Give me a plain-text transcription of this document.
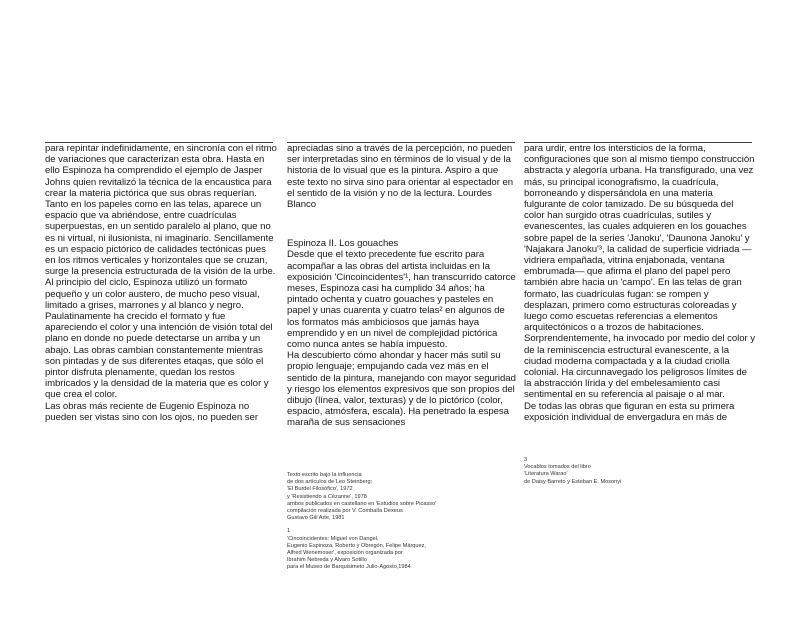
para repintar indefinidamente, en sincronía con el ritmo de variaciones que caracterizan esta obra. Hasta en ello Espinoza ha comprendido el ejemplo de Jasper Johns quien revitalizó la técnica de la encaustica para crear la materia pictórica que sus obras requerían. Tanto en los papeles como en las telas, aparece un espacio que va abriéndose, entre cuadrículas superpuestas, en un sentido paralelo al plano, que no es ni virtual, ni ilusionista, ni imaginario. Sencillamente es un espacio pictórico de calidades tectónicas pues en los ritmos verticales y horizontales que se cruzan, surge la presencia estructurada de la visión de la urbe. Al principio del ciclo, Espinoza utilizó un formato pequeño y un color austero, de mucho peso visual, limitado a grises, marrones y al blanco y negro. Paulatinamente ha crecido el formato y fue apareciendo el color y una intención de visión total del plano en donde no puede detectarse un arriba y un abajo. Las obras cambian constantemente mientras son pintadas y de sus diferentes etaqas, que sólo el pintor disfruta plenamente, quedan los restos imbricados y la densidad de la materia que es color y que crea el color.

Las obras más reciente de Eugenio Espinoza no pueden ser vistas sino con los ojos, no pueden ser

apreciadas sino a través de la percepción, no pueden ser interpretadas sino en términos de lo visual y de la historia de lo visual que es la pintura. Aspiro a que este texto no sirva sino para orientar al espectador en el sentido de la visión y no de la lectura. Lourdes Blanco

Espinoza II. Los gouaches

Desde que el texto precedente fue escrito para acompañar a las obras del artista incluidas en la exposición 'Cincoincidentes'¹, han transcurrido catorce meses, Espinoza casi ha cumplido 34 años; ha pintado ochenta y cuatro gouaches y pasteles en papel y unas cuarenta y cuatro telas² en algunos de los formatos más ambiciosos que jamás haya emprendido y en un nivel de complejidad pictórica como nunca antes se había impuesto.

Ha descubierto cómo ahondar y hacer más sutil su propio lenguaje; empujando cada vez más en el sentido de la pintura, manejando con mayor seguridad y riesgo los elementos expresivos que son propios del dibujo (línea, valor, texturas) y de lo pictórico (color, espacio, atmósfera, escala). Ha penetrado la espesa maraña de sus sensaciones

para urdir, entre los intersticios de la forma, configuraciones que son al mismo tiempo construcción abstracta y alegoría urbana. Ha transfigurado, una vez más, su principal iconografismo, la cuadrícula, borroneando y dispersándola en una materia fulgurante de color tamizado. De su búsqueda del color han surgido otras cuadrículas, sutiles y evanescentes, las cuales adquieren en los gouaches sobre papel de la series 'Janoku', 'Daunona Janoku' y 'Najakara Janoku'³, la calidad de superficie vidriada —vidriera empañada, vitrina enjabonada, ventana embrumada— que afirma el plano del papel pero también abre hacia un 'campo'. En las telas de gran formato, las cuadrículas fugan: se rompen y desplazan, primero como estructuras coloreadas y luego como escuetas referencias a elementos arquitectónicos o a trozos de habitaciones. Sorprendentemente, ha invocado por medio del color y de la reminiscencia estructural evanescente, a la ciudad moderna compactada y a la ciudad criolla colonial. Ha circunnavegado los peligrosos límites de la abstracción lírida y del embelesamiento casi sentimental en su referencia al paisaje o al mar.

De todas las obras que figuran en esta su primera exposición individual de envergadura en más de

Texto escrito bajo la influencia

de dos artículos de Leo Steinberg:

'El Burdel Filosófico', 1972

y 'Resistiendo a Cézanne', 1978

ambos publicados en castellano en 'Estudios sobre Picasso'

compilación realizada por V. Combalía Dexeus

Gustavo Gili Arte, 1981

1

'Cincoincidentes: Miguel von Dangel,

Eugenio Espinoza, Roberto y Obregón, Felipe Márquez,

Alfred Wenemoser', exposición organizada por

Ibrahim Nebreda y Alvaro Sotillo

para el Museo de Barquisimeto Julio-Agosto,1984

3

Vocablos tomados del libro

'Literatura Warao'

de Daisy Barreto y Esteban E. Mosonyi
